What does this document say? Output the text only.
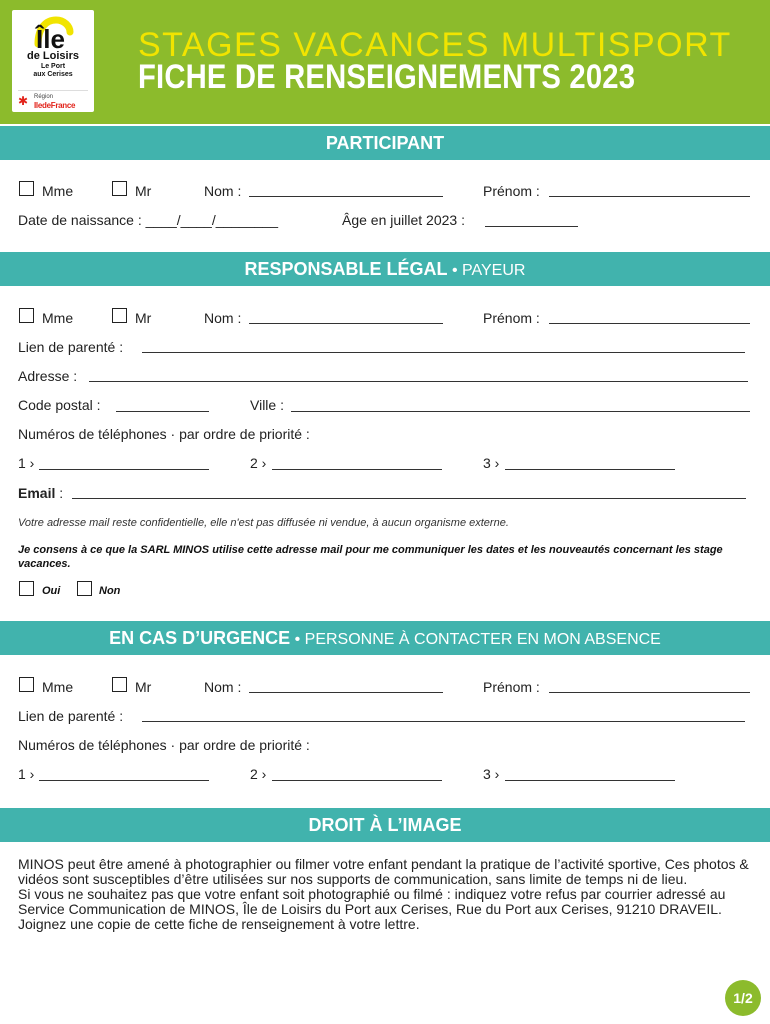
Île
de Loisirs
Le Port
aux Cerises
✱ Région
IledeFrance
STAGES VACANCES MULTISPORT
FICHE DE RENSEIGNEMENTS 2023
PARTICIPANT
Mme	Mr	Nom :	Prénom :
Date de naissance : ____/____/________	Âge en juillet 2023 :
RESPONSABLE LÉGAL • PAYEUR
Mme	Mr	Nom :	Prénom :
Lien de parenté :
Adresse :
Code postal :	Ville :
Numéros de téléphones · par ordre de priorité :
1 ›	2 ›	3 ›
Email :
Votre adresse mail reste confidentielle, elle n'est pas diffusée ni vendue, à aucun organisme externe.
Je consens à ce que la SARL MINOS utilise cette adresse mail pour me communiquer les dates et les nouveautés concernant les stage vacances.
Oui	Non
EN CAS D’URGENCE • PERSONNE À CONTACTER EN MON ABSENCE
Mme	Mr	Nom :	Prénom :
Lien de parenté :
Numéros de téléphones · par ordre de priorité :
1 ›	2 ›	3 ›
DROIT À L’IMAGE

MINOS peut être amené à photographier ou filmer votre enfant pendant la pratique de l’activité sportive, Ces photos & vidéos sont susceptibles d’être utilisées sur nos supports de communication, sans limite de temps ni de lieu.

Si vous ne souhaitez pas que votre enfant soit photographié ou filmé : indiquez votre refus par courrier adressé au Service Communication de MINOS, Île de Loisirs du Port aux Cerises, Rue du Port aux Cerises, 91210 DRAVEIL. Joignez une copie de cette fiche de renseignement à votre lettre.

1/2
